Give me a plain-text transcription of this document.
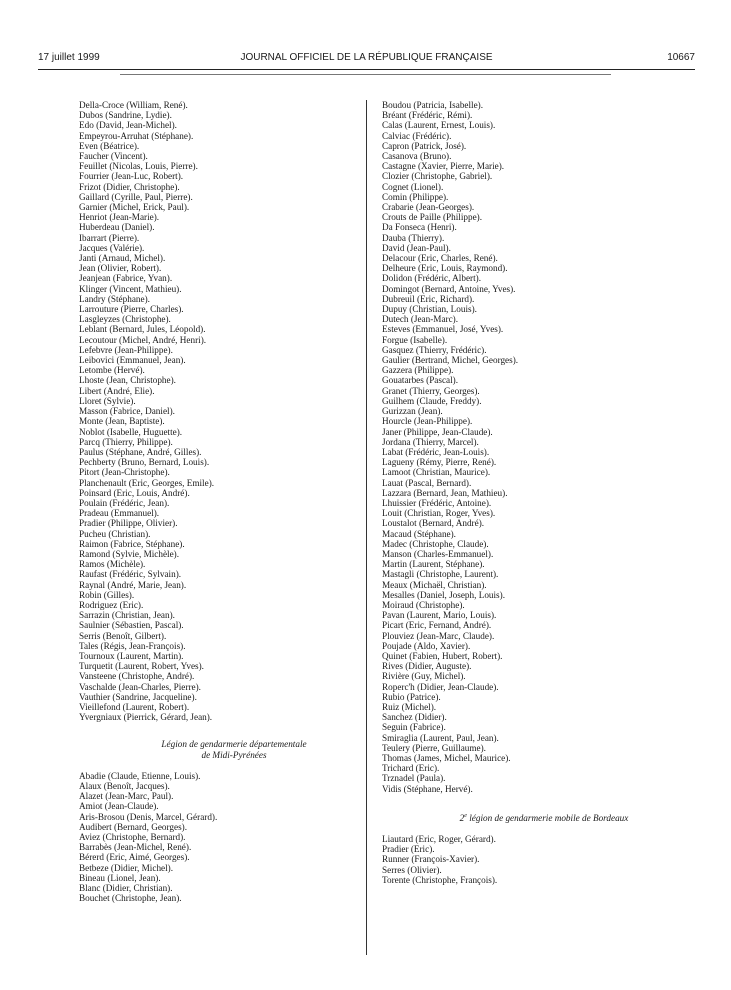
17 juillet 1999	JOURNAL OFFICIEL DE LA RÉPUBLIQUE FRANÇAISE	10667
Della-Croce (William, René).
Dubos (Sandrine, Lydie).
Edo (David, Jean-Michel).
Empeyrou-Arruhat (Stéphane).
Even (Béatrice).
Faucher (Vincent).
Feuillet (Nicolas, Louis, Pierre).
Fourrier (Jean-Luc, Robert).
Frizot (Didier, Christophe).
Gaillard (Cyrille, Paul, Pierre).
Garnier (Michel, Erick, Paul).
Henriot (Jean-Marie).
Huberdeau (Daniel).
Ibarrart (Pierre).
Jacques (Valérie).
Janti (Arnaud, Michel).
Jean (Olivier, Robert).
Jeanjean (Fabrice, Yvan).
Klinger (Vincent, Mathieu).
Landry (Stéphane).
Larrouture (Pierre, Charles).
Lasgleyzes (Christophe).
Leblant (Bernard, Jules, Léopold).
Lecoutour (Michel, André, Henri).
Lefebvre (Jean-Philippe).
Leibovici (Emmanuel, Jean).
Letombe (Hervé).
Lhoste (Jean, Christophe).
Libert (André, Elie).
Lloret (Sylvie).
Masson (Fabrice, Daniel).
Monte (Jean, Baptiste).
Noblot (Isabelle, Huguette).
Parcq (Thierry, Philippe).
Paulus (Stéphane, André, Gilles).
Pechberty (Bruno, Bernard, Louis).
Pitort (Jean-Christophe).
Planchenault (Eric, Georges, Emile).
Poinsard (Eric, Louis, André).
Poulain (Frédéric, Jean).
Pradeau (Emmanuel).
Pradier (Philippe, Olivier).
Pucheu (Christian).
Raimon (Fabrice, Stéphane).
Ramond (Sylvie, Michèle).
Ramos (Michèle).
Raufast (Frédéric, Sylvain).
Raynal (André, Marie, Jean).
Robin (Gilles).
Rodriguez (Eric).
Sarrazin (Christian, Jean).
Saulnier (Sébastien, Pascal).
Serris (Benoît, Gilbert).
Tales (Régis, Jean-François).
Tournoux (Laurent, Martin).
Turquetit (Laurent, Robert, Yves).
Vansteene (Christophe, André).
Vaschalde (Jean-Charles, Pierre).
Vauthier (Sandrine, Jacqueline).
Vieillefond (Laurent, Robert).
Yvergniaux (Pierrick, Gérard, Jean).

Légion de gendarmerie départementale
de Midi-Pyrénées

Abadie (Claude, Etienne, Louis).
Alaux (Benoît, Jacques).
Alazet (Jean-Marc, Paul).
Amiot (Jean-Claude).
Aris-Brosou (Denis, Marcel, Gérard).
Audibert (Bernard, Georges).
Aviez (Christophe, Bernard).
Barrabès (Jean-Michel, René).
Bérerd (Eric, Aimé, Georges).
Betbeze (Didier, Michel).
Bineau (Lionel, Jean).
Blanc (Didier, Christian).
Bouchet (Christophe, Jean).
Boudou (Patricia, Isabelle).
Bréant (Frédéric, Rémi).
Calas (Laurent, Ernest, Louis).
Calviac (Frédéric).
Capron (Patrick, José).
Casanova (Bruno).
Castagne (Xavier, Pierre, Marie).
Clozier (Christophe, Gabriel).
Cognet (Lionel).
Comin (Philippe).
Crabarie (Jean-Georges).
Crouts de Paille (Philippe).
Da Fonseca (Henri).
Dauba (Thierry).
David (Jean-Paul).
Delacour (Eric, Charles, René).
Delheure (Eric, Louis, Raymond).
Dolidon (Frédéric, Albert).
Domingot (Bernard, Antoine, Yves).
Dubreuil (Eric, Richard).
Dupuy (Christian, Louis).
Dutech (Jean-Marc).
Esteves (Emmanuel, José, Yves).
Forgue (Isabelle).
Gasquez (Thierry, Frédéric).
Gaulier (Bertrand, Michel, Georges).
Gazzera (Philippe).
Gouatarbes (Pascal).
Granet (Thierry, Georges).
Guilhem (Claude, Freddy).
Gurizzan (Jean).
Hourcle (Jean-Philippe).
Janer (Philippe, Jean-Claude).
Jordana (Thierry, Marcel).
Labat (Frédéric, Jean-Louis).
Lagueny (Rémy, Pierre, René).
Lamoot (Christian, Maurice).
Lauat (Pascal, Bernard).
Lazzara (Bernard, Jean, Mathieu).
Lhuissier (Frédéric, Antoine).
Louit (Christian, Roger, Yves).
Loustalot (Bernard, André).
Macaud (Stéphane).
Madec (Christophe, Claude).
Manson (Charles-Emmanuel).
Martin (Laurent, Stéphane).
Mastagli (Christophe, Laurent).
Meaux (Michaël, Christian).
Mesalles (Daniel, Joseph, Louis).
Moiraud (Christophe).
Pavan (Laurent, Mario, Louis).
Picart (Eric, Fernand, André).
Plouviez (Jean-Marc, Claude).
Poujade (Aldo, Xavier).
Quinet (Fabien, Hubert, Robert).
Rives (Didier, Auguste).
Rivière (Guy, Michel).
Roperc'h (Didier, Jean-Claude).
Rubio (Patrice).
Ruiz (Michel).
Sanchez (Didier).
Seguin (Fabrice).
Smiraglia (Laurent, Paul, Jean).
Teulery (Pierre, Guillaume).
Thomas (James, Michel, Maurice).
Trichard (Eric).
Trznadel (Paula).
Vidis (Stéphane, Hervé).

2e légion de gendarmerie mobile de Bordeaux

Liautard (Eric, Roger, Gérard).
Pradier (Eric).
Runner (François-Xavier).
Serres (Olivier).
Torente (Christophe, François).
